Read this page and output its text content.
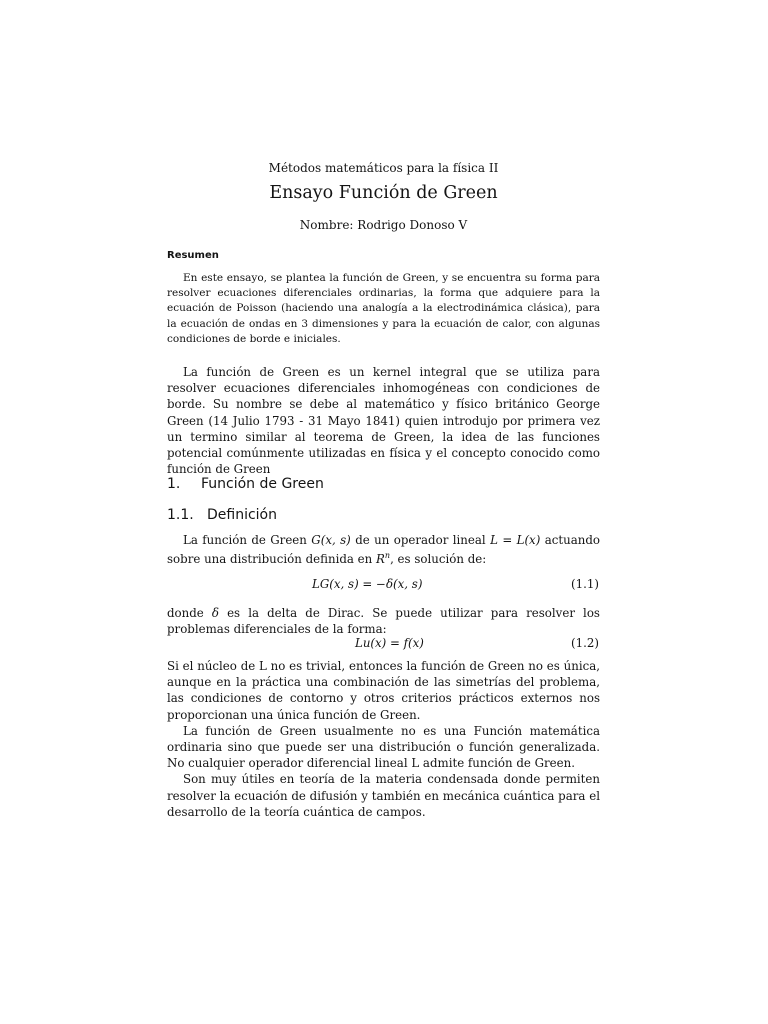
Métodos matemáticos para la física II
Ensayo Función de Green
Nombre: Rodrigo Donoso V
Resumen
En este ensayo, se plantea la función de Green, y se encuentra su forma para resolver ecuaciones diferenciales ordinarias, la forma que adquiere para la ecuación de Poisson (haciendo una analogía a la electrodinámica clásica), para la ecuación de ondas en 3 dimensiones y para la ecuación de calor, con algunas condiciones de borde e iniciales.
La función de Green es un kernel integral que se utiliza para resolver ecuaciones diferenciales inhomogéneas con condiciones de borde. Su nombre se debe al matemático y físico británico George Green (14 Julio 1793 - 31 Mayo 1841) quien introdujo por primera vez un termino similar al teorema de Green, la idea de las funciones potencial comúnmente utilizadas en física y el concepto conocido como función de Green
1. Función de Green
1.1. Definición
La función de Green G(x, s) de un operador lineal L = L(x) actuando sobre una distribución definida en $R^n$, es solución de:
LG(x, s) = −δ(x, s)	(1.1)
donde δ es la delta de Dirac. Se puede utilizar para resolver los problemas diferenciales de la forma:
Lu(x) = f(x)	(1.2)

Si el núcleo de L no es trivial, entonces la función de Green no es única, aunque en la práctica una combinación de las simetrías del problema, las condiciones de contorno y otros criterios prácticos externos nos proporcionan una única función de Green.

La función de Green usualmente no es una Función matemática ordinaria sino que puede ser una distribución o función generalizada. No cualquier operador diferencial lineal L admite función de Green.

Son muy útiles en teoría de la materia condensada donde permiten resolver la ecuación de difusión y también en mecánica cuántica para el desarrollo de la teoría cuántica de campos.
